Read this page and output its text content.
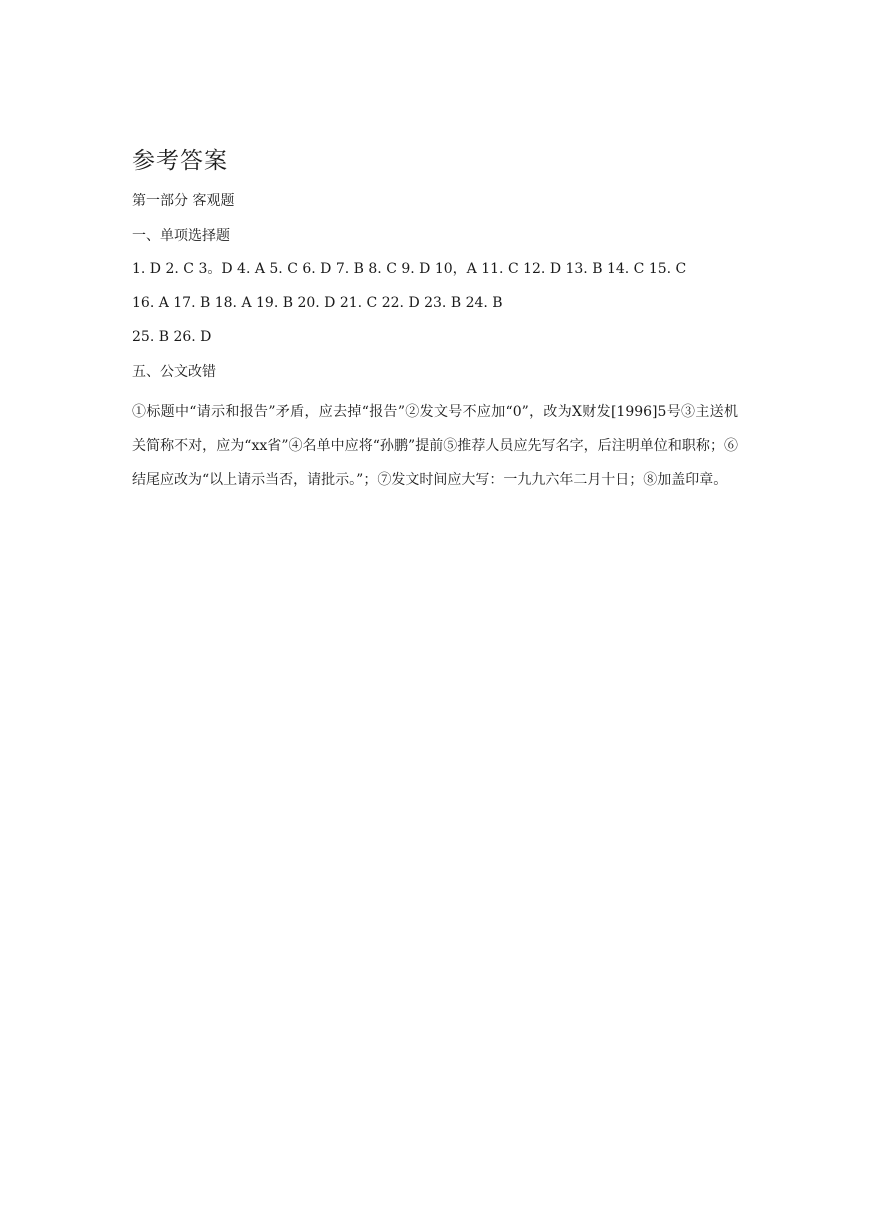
参考答案

第一部分 客观题

一、单项选择题

1. D 2. C 3。D 4. A 5. C 6. D 7. B 8. C 9. D 10，A 11. C 12. D 13. B 14. C 15. C

16. A 17. B 18. A 19. B 20. D 21. C 22. D 23. B 24. B

25. B 26. D

五、公文改错

①标题中“请示和报告”矛盾，应去掉“报告”②发文号不应加“0”，改为X财发[1996]5号③主送机关简称不对，应为“xx省”④名单中应将“孙鹏”提前⑤推荐人员应先写名字，后注明单位和职称；⑥结尾应改为“以上请示当否，请批示。”；⑦发文时间应大写：一九九六年二月十日；⑧加盖印章。
